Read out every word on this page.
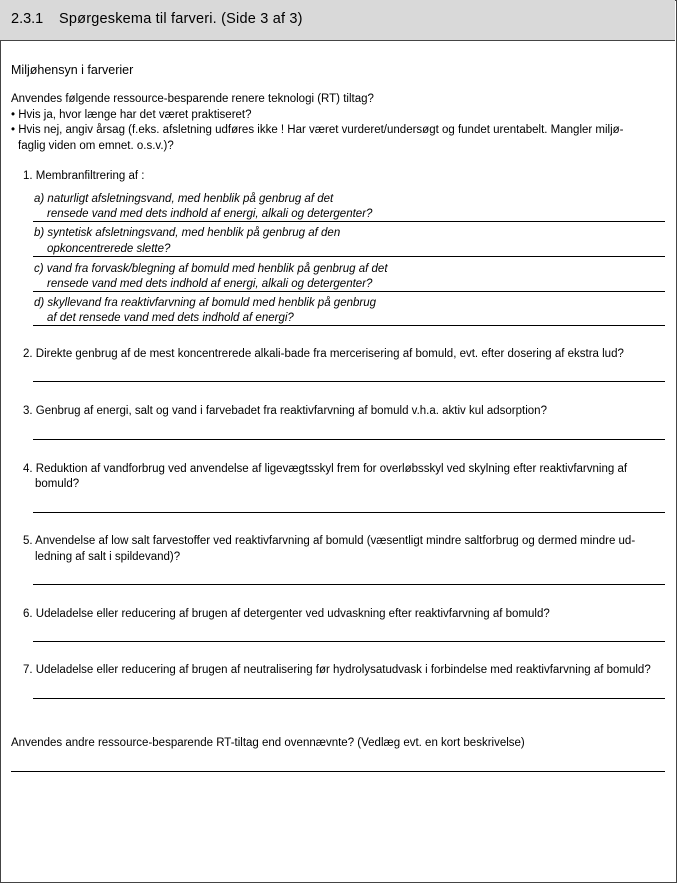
2.3.1 Spørgeskema til farveri. (Side 3 af 3)
Miljøhensyn i farverier
Anvendes følgende ressource-besparende renere teknologi (RT) tiltag?
• Hvis ja, hvor længe har det været praktiseret?
• Hvis nej, angiv årsag (f.eks. afsletning udføres ikke ! Har været vurderet/undersøgt og fundet urentabelt. Mangler miljø-
faglig viden om emnet. o.s.v.)?
1. Membranfiltrering af :
a) naturligt afsletningsvand, med henblik på genbrug af det
rensede vand med dets indhold af energi, alkali og detergenter?
b) syntetisk afsletningsvand, med henblik på genbrug af den
opkoncentrerede slette?
c) vand fra forvask/blegning af bomuld med henblik på genbrug af det
rensede vand med dets indhold af energi, alkali og detergenter?
d) skyllevand fra reaktivfarvning af bomuld med henblik på genbrug
af det rensede vand med dets indhold af energi?
2. Direkte genbrug af de mest koncentrerede alkali-bade fra mercerisering af bomuld, evt. efter dosering af ekstra lud?
3. Genbrug af energi, salt og vand i farvebadet fra reaktivfarvning af bomuld v.h.a. aktiv kul adsorption?
4. Reduktion af vandforbrug ved anvendelse af ligevægtsskyl frem for overløbsskyl ved skylning efter reaktivfarvning af
bomuld?
5. Anvendelse af low salt farvestoffer ved reaktivfarvning af bomuld (væsentligt mindre saltforbrug og dermed mindre ud-
ledning af salt i spildevand)?
6. Udeladelse eller reducering af brugen af detergenter ved udvaskning efter reaktivfarvning af bomuld?
7. Udeladelse eller reducering af brugen af neutralisering før hydrolysatudvask i forbindelse med reaktivfarvning af bomuld?
Anvendes andre ressource-besparende RT-tiltag end ovennævnte? (Vedlæg evt. en kort beskrivelse)
